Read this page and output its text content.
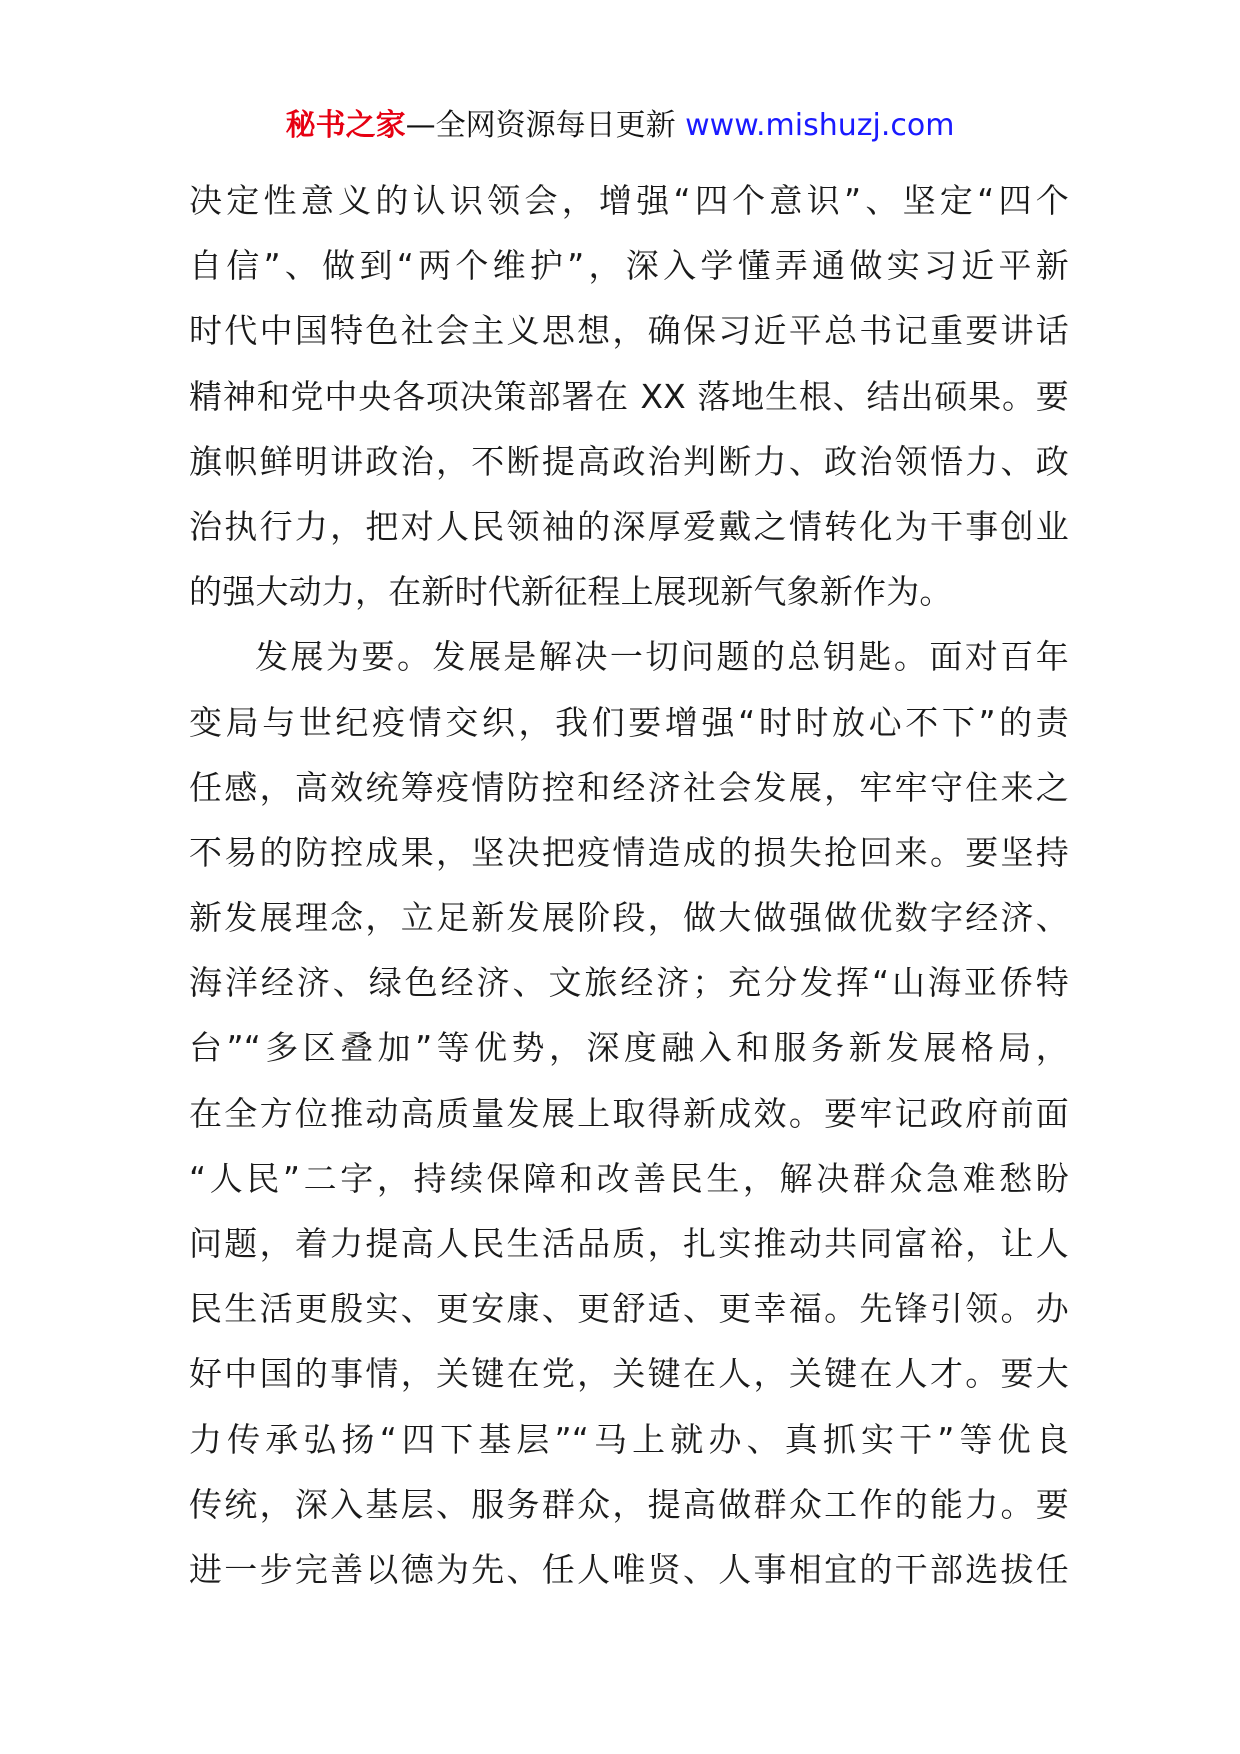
秘书之家—全网资源每日更新 www.mishuzj.com
决定性意义的认识领会，增强“四个意识”、坚定“四个
自信”、做到“两个维护”，深入学懂弄通做实习近平新
时代中国特色社会主义思想，确保习近平总书记重要讲话
精神和党中央各项决策部署在 XX 落地生根、结出硕果。要
旗帜鲜明讲政治，不断提高政治判断力、政治领悟力、政
治执行力，把对人民领袖的深厚爱戴之情转化为干事创业
的强大动力，在新时代新征程上展现新气象新作为。
发展为要。发展是解决一切问题的总钥匙。面对百年
变局与世纪疫情交织，我们要增强“时时放心不下”的责
任感，高效统筹疫情防控和经济社会发展，牢牢守住来之
不易的防控成果，坚决把疫情造成的损失抢回来。要坚持
新发展理念，立足新发展阶段，做大做强做优数字经济、
海洋经济、绿色经济、文旅经济；充分发挥“山海亚侨特
台”“多区叠加”等优势，深度融入和服务新发展格局，
在全方位推动高质量发展上取得新成效。要牢记政府前面
“人民”二字，持续保障和改善民生，解决群众急难愁盼
问题，着力提高人民生活品质，扎实推动共同富裕，让人
民生活更殷实、更安康、更舒适、更幸福。先锋引领。办
好中国的事情，关键在党，关键在人，关键在人才。要大
力传承弘扬“四下基层”“马上就办、真抓实干”等优良
传统，深入基层、服务群众，提高做群众工作的能力。要
进一步完善以德为先、任人唯贤、人事相宜的干部选拔任
